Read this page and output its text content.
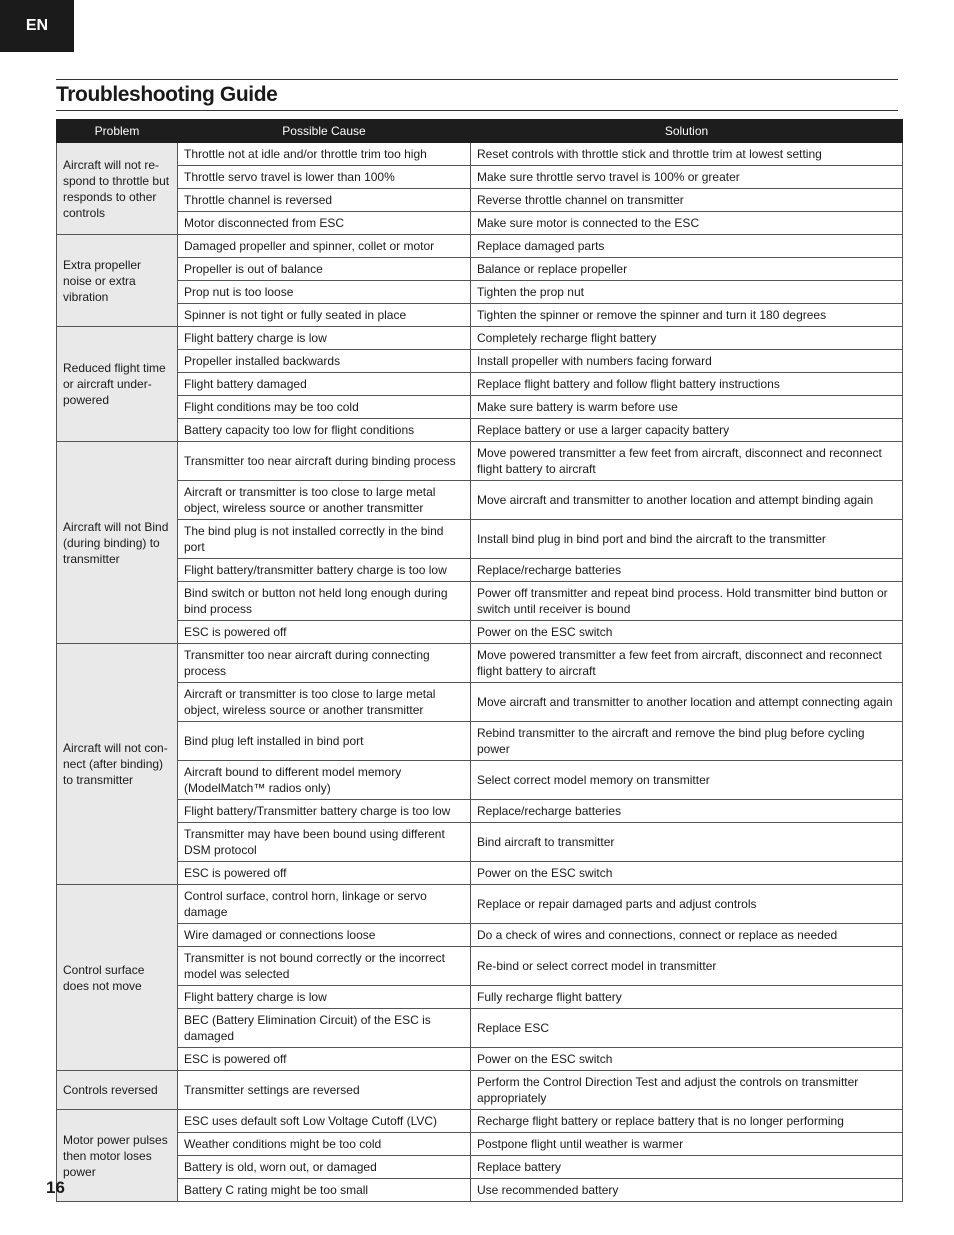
EN
Troubleshooting Guide
Problem	Possible Cause	Solution
Aircraft will not re-spond to throttle but responds to other controls	Throttle not at idle and/or throttle trim too high	Reset controls with throttle stick and throttle trim at lowest setting
	Throttle servo travel is lower than 100%	Make sure throttle servo travel is 100% or greater
	Throttle channel is reversed	Reverse throttle channel on transmitter
	Motor disconnected from ESC	Make sure motor is connected to the ESC
Extra propeller noise or extra vibration	Damaged propeller and spinner, collet or motor	Replace damaged parts
	Propeller is out of balance	Balance or replace propeller
	Prop nut is too loose	Tighten the prop nut
	Spinner is not tight or fully seated in place	Tighten the spinner or remove the spinner and turn it 180 degrees
Reduced flight time or aircraft under-powered	Flight battery charge is low	Completely recharge flight battery
	Propeller installed backwards	Install propeller with numbers facing forward
	Flight battery damaged	Replace flight battery and follow flight battery instructions
	Flight conditions may be too cold	Make sure battery is warm before use
	Battery capacity too low for flight conditions	Replace battery or use a larger capacity battery
Aircraft will not Bind (during binding) to transmitter	Transmitter too near aircraft during binding process	Move powered transmitter a few feet from aircraft, disconnect and reconnect flight battery to aircraft
	Aircraft or transmitter is too close to large metal object, wireless source or another transmitter	Move aircraft and transmitter to another location and attempt binding again
	The bind plug is not installed correctly in the bind port	Install bind plug in bind port and bind the aircraft to the transmitter
	Flight battery/transmitter battery charge is too low	Replace/recharge batteries
	Bind switch or button not held long enough during bind process	Power off transmitter and repeat bind process. Hold transmitter bind button or switch until receiver is bound
	ESC is powered off	Power on the ESC switch
Aircraft will not con-nect (after binding) to transmitter	Transmitter too near aircraft during connecting process	Move powered transmitter a few feet from aircraft, disconnect and reconnect flight battery to aircraft
	Aircraft or transmitter is too close to large metal object, wireless source or another transmitter	Move aircraft and transmitter to another location and attempt connecting again
	Bind plug left installed in bind port	Rebind transmitter to the aircraft and remove the bind plug before cycling power
	Aircraft bound to different model memory (ModelMatch™ radios only)	Select correct model memory on transmitter
	Flight battery/Transmitter battery charge is too low	Replace/recharge batteries
	Transmitter may have been bound using different DSM protocol	Bind aircraft to transmitter
	ESC is powered off	Power on the ESC switch
Control surface does not move	Control surface, control horn, linkage or servo damage	Replace or repair damaged parts and adjust controls
	Wire damaged or connections loose	Do a check of wires and connections, connect or replace as needed
	Transmitter is not bound correctly or the incorrect model was selected	Re-bind or select correct model in transmitter
	Flight battery charge is low	Fully recharge flight battery
	BEC (Battery Elimination Circuit) of the ESC is damaged	Replace ESC
	ESC is powered off	Power on the ESC switch
Controls reversed	Transmitter settings are reversed	Perform the Control Direction Test and adjust the controls on transmitter appropriately
Motor power pulses then motor loses power	ESC uses default soft Low Voltage Cutoff (LVC)	Recharge flight battery or replace battery that is no longer performing
	Weather conditions might be too cold	Postpone flight until weather is warmer
	Battery is old, worn out, or damaged	Replace battery
	Battery C rating might be too small	Use recommended battery
16
